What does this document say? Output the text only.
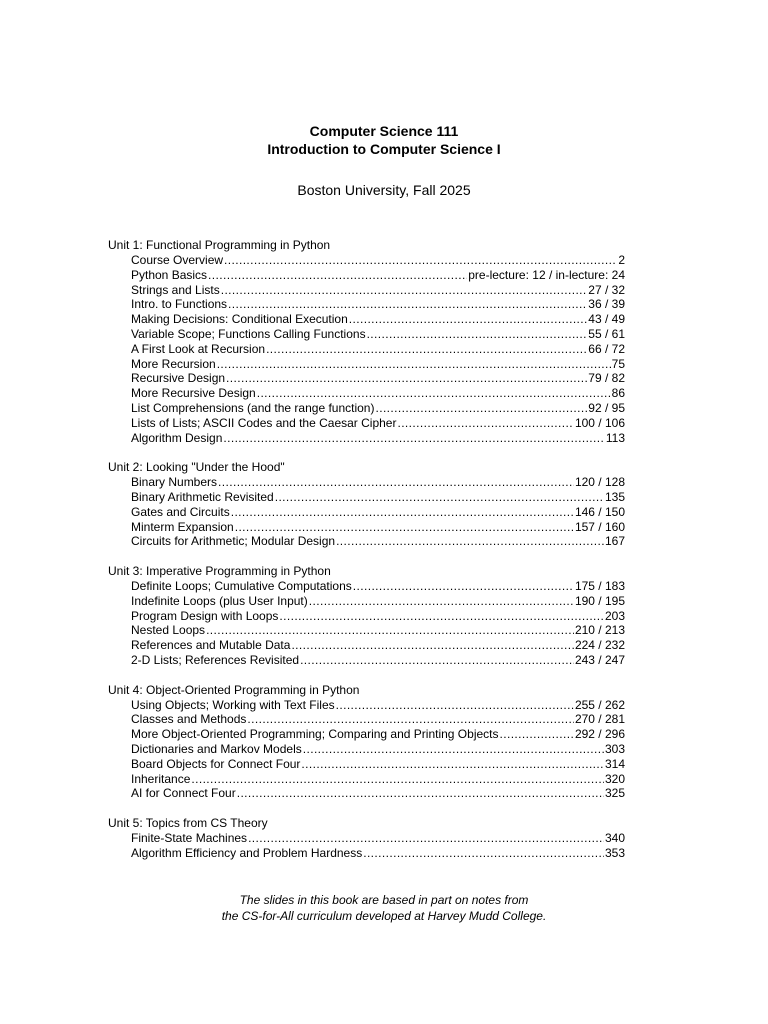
Computer Science 111
Introduction to Computer Science I
Boston University, Fall 2025
Unit 1: Functional Programming in Python
Course Overview .....	2
Python Basics .....	pre-lecture: 12 / in-lecture: 24
Strings and Lists .....	27 / 32
Intro. to Functions .....	36 / 39
Making Decisions: Conditional Execution .....	43 / 49
Variable Scope; Functions Calling Functions .....	55 / 61
A First Look at Recursion .....	66 / 72
More Recursion .....	75
Recursive Design .....	79 / 82
More Recursive Design .....	86
List Comprehensions (and the range function) .....	92 / 95
Lists of Lists; ASCII Codes and the Caesar Cipher .....	100 / 106
Algorithm Design .....	113
Unit 2: Looking "Under the Hood"
Binary Numbers .....	120 / 128
Binary Arithmetic Revisited .....	135
Gates and Circuits .....	146 / 150
Minterm Expansion .....	157 / 160
Circuits for Arithmetic; Modular Design .....	167
Unit 3: Imperative Programming in Python
Definite Loops; Cumulative Computations .....	175 / 183
Indefinite Loops (plus User Input) .....	190 / 195
Program Design with Loops .....	203
Nested Loops .....	210 / 213
References and Mutable Data .....	224 / 232
2-D Lists; References Revisited .....	243 / 247
Unit 4: Object-Oriented Programming in Python
Using Objects; Working with Text Files .....	255 / 262
Classes and Methods .....	270 / 281
More Object-Oriented Programming; Comparing and Printing Objects .....	292 / 296
Dictionaries and Markov Models .....	303
Board Objects for Connect Four .....	314
Inheritance .....	320
AI for Connect Four .....	325
Unit 5: Topics from CS Theory
Finite-State Machines .....	340
Algorithm Efficiency and Problem Hardness .....	353
The slides in this book are based in part on notes from
the CS-for-All curriculum developed at Harvey Mudd College.
